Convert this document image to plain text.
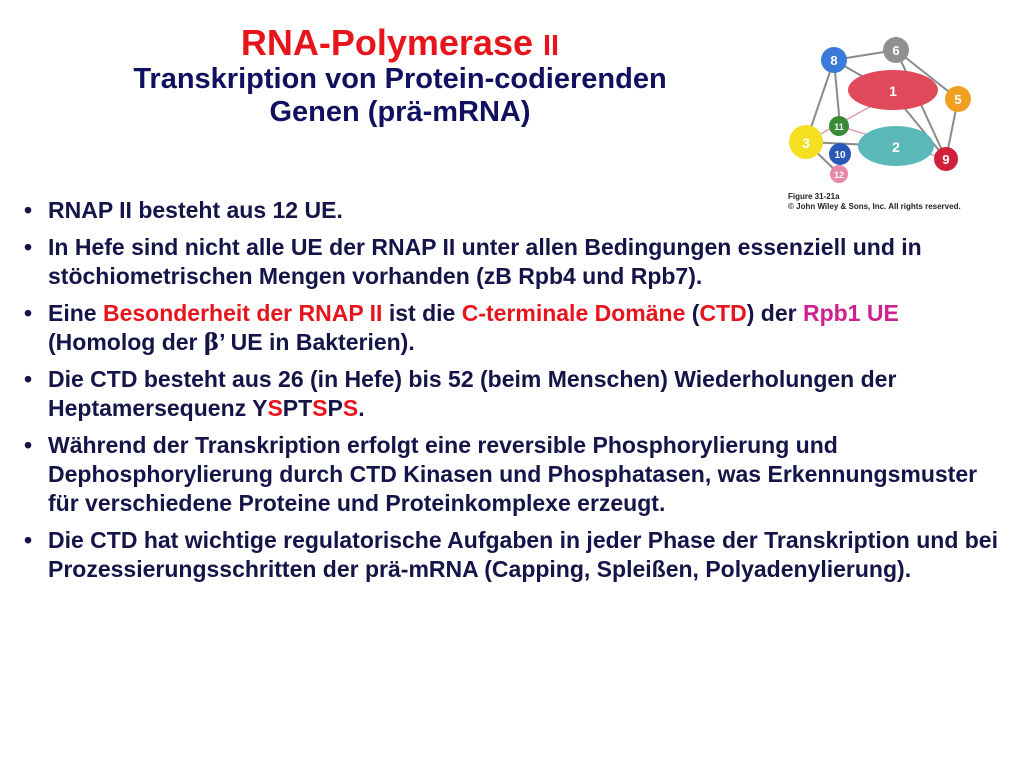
RNA-Polymerase II
Transkription von Protein-codierenden
Genen (prä-mRNA)
1
2
3
5
6
8
9
10
11
12
Figure 31-21a
© John Wiley & Sons, Inc. All rights reserved.
• RNAP II besteht aus 12 UE.
• In Hefe sind nicht alle UE der RNAP II unter allen Bedingungen essenziell und in stöchiometrischen Mengen vorhanden (zB Rpb4 und Rpb7).
• Eine Besonderheit der RNAP II ist die C-terminale Domäne (CTD) der Rpb1 UE (Homolog der β’ UE in Bakterien).
• Die CTD besteht aus 26 (in Hefe) bis 52 (beim Menschen) Wiederholungen der Heptamersequenz YSPTSPS.
• Während der Transkription erfolgt eine reversible Phosphorylierung und Dephosphorylierung durch CTD Kinasen und Phosphatasen, was Erkennungsmuster für verschiedene Proteine und Proteinkomplexe erzeugt.
• Die CTD hat wichtige regulatorische Aufgaben in jeder Phase der Transkription und bei Prozessierungsschritten der prä-mRNA (Capping, Spleißen, Polyadenylierung).
